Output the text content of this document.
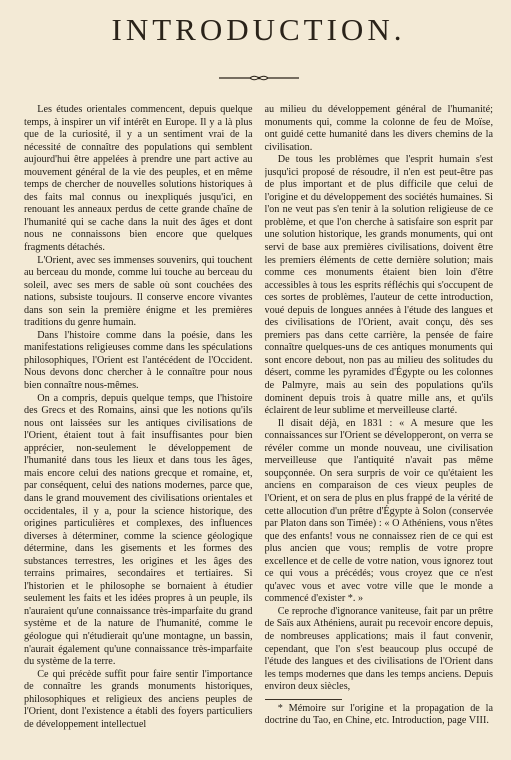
INTRODUCTION.

Les études orientales commencent, depuis quelque temps, à inspirer un vif intérêt en Europe. Il y a là plus que de la curiosité, il y a un sentiment vrai de la nécessité de connaître des populations qui semblent aujourd'hui être appelées à prendre une part active au mouvement général de la vie des peuples, et en même temps de chercher de nouvelles solutions historiques à des faits mal connus ou inexpliqués jusqu'ici, en renouant les anneaux perdus de cette grande chaîne de l'humanité qui se cache dans la nuit des âges et dont nous ne connaissons bien encore que quelques fragments détachés.

L'Orient, avec ses immenses souvenirs, qui touchent au berceau du monde, comme lui touche au berceau du soleil, avec ses mers de sable où sont couchées des nations, subsiste toujours. Il conserve encore vivantes dans son sein la première énigme et les premières traditions du genre humain.

Dans l'histoire comme dans la poésie, dans les manifestations religieuses comme dans les spéculations philosophiques, l'Orient est l'antécédent de l'Occident. Nous devons donc chercher à le connaître pour nous bien connaître nous-mêmes.

On a compris, depuis quelque temps, que l'histoire des Grecs et des Romains, ainsi que les notions qu'ils nous ont laissées sur les antiques civilisations de l'Orient, étaient tout à fait insuffisantes pour bien apprécier, non-seulement le développement de l'humanité dans tous les lieux et dans tous les âges, mais encore celui des nations grecque et romaine, et, par conséquent, celui des nations modernes, parce que, dans le grand mouvement des civilisations orientales et occidentales, il y a, pour la science historique, des origines particulières et complexes, des influences diverses à déterminer, comme la science géologique détermine, dans les gisements et les formes des substances terrestres, les origines et les âges des terrains primaires, secondaires et tertiaires. Si l'historien et le philosophe se bornaient à étudier seulement les faits et les idées propres à un peuple, ils n'auraient qu'une connaissance très-imparfaite du grand système et de la nature de l'humanité, comme le géologue qui n'étudierait qu'une montagne, un bassin, n'aurait également qu'une connaissance très-imparfaite du système de la terre.

Ce qui précède suffit pour faire sentir l'importance de connaître les grands monuments historiques, philosophiques et religieux des anciens peuples de l'Orient, dont l'existence a établi des foyers particuliers de développement intellectuel

au milieu du développement général de l'humanité; monuments qui, comme la colonne de feu de Moïse, ont guidé cette humanité dans les divers chemins de la civilisation.

De tous les problèmes que l'esprit humain s'est jusqu'ici proposé de résoudre, il n'en est peut-être pas de plus important et de plus difficile que celui de l'origine et du développement des sociétés humaines. Si l'on ne veut pas s'en tenir à la solution religieuse de ce problème, et que l'on cherche à satisfaire son esprit par une solution historique, les grands monuments, qui ont servi de base aux premières civilisations, doivent être les premiers éléments de cette dernière solution; mais comme ces monuments étaient bien loin d'être accessibles à tous les esprits réfléchis qui s'occupent de ces sortes de problèmes, l'auteur de cette introduction, voué depuis de longues années à l'étude des langues et des civilisations de l'Orient, avait conçu, dès ses premiers pas dans cette carrière, la pensée de faire connaître quelques-uns de ces antiques monuments qui sont encore debout, non pas au milieu des solitudes du désert, comme les pyramides d'Égypte ou les colonnes de Palmyre, mais au sein des populations qu'ils dominent depuis trois à quatre mille ans, et qu'ils éclairent de leur sublime et merveilleuse clarté.

Il disait déjà, en 1831 : « A mesure que les connaissances sur l'Orient se développeront, on verra se révéler comme un monde nouveau, une civilisation merveilleuse que l'antiquité n'avait pas même soupçonnée. On sera surpris de voir ce qu'étaient les anciens en comparaison de ces vieux peuples de l'Orient, et on sera de plus en plus frappé de la vérité de cette allocution d'un prêtre d'Égypte à Solon (conservée par Platon dans son Timée) : « O Athéniens, vous n'êtes que des enfants! vous ne connaissez rien de ce qui est plus ancien que vous; remplis de votre propre excellence et de celle de votre nation, vous ignorez tout ce qui vous a précédés; vous croyez que ce n'est qu'avec vous et avec votre ville que le monde a commencé d'exister *. »

Ce reproche d'ignorance vaniteuse, fait par un prêtre de Saïs aux Athéniens, aurait pu recevoir encore depuis, de nombreuses applications; mais il faut convenir, cependant, que l'on s'est beaucoup plus occupé de l'étude des langues et des civilisations de l'Orient dans les temps modernes que dans les temps anciens. Depuis environ deux siècles,

* Mémoire sur l'origine et la propagation de la doctrine du Tao, en Chine, etc. Introduction, page VIII.
